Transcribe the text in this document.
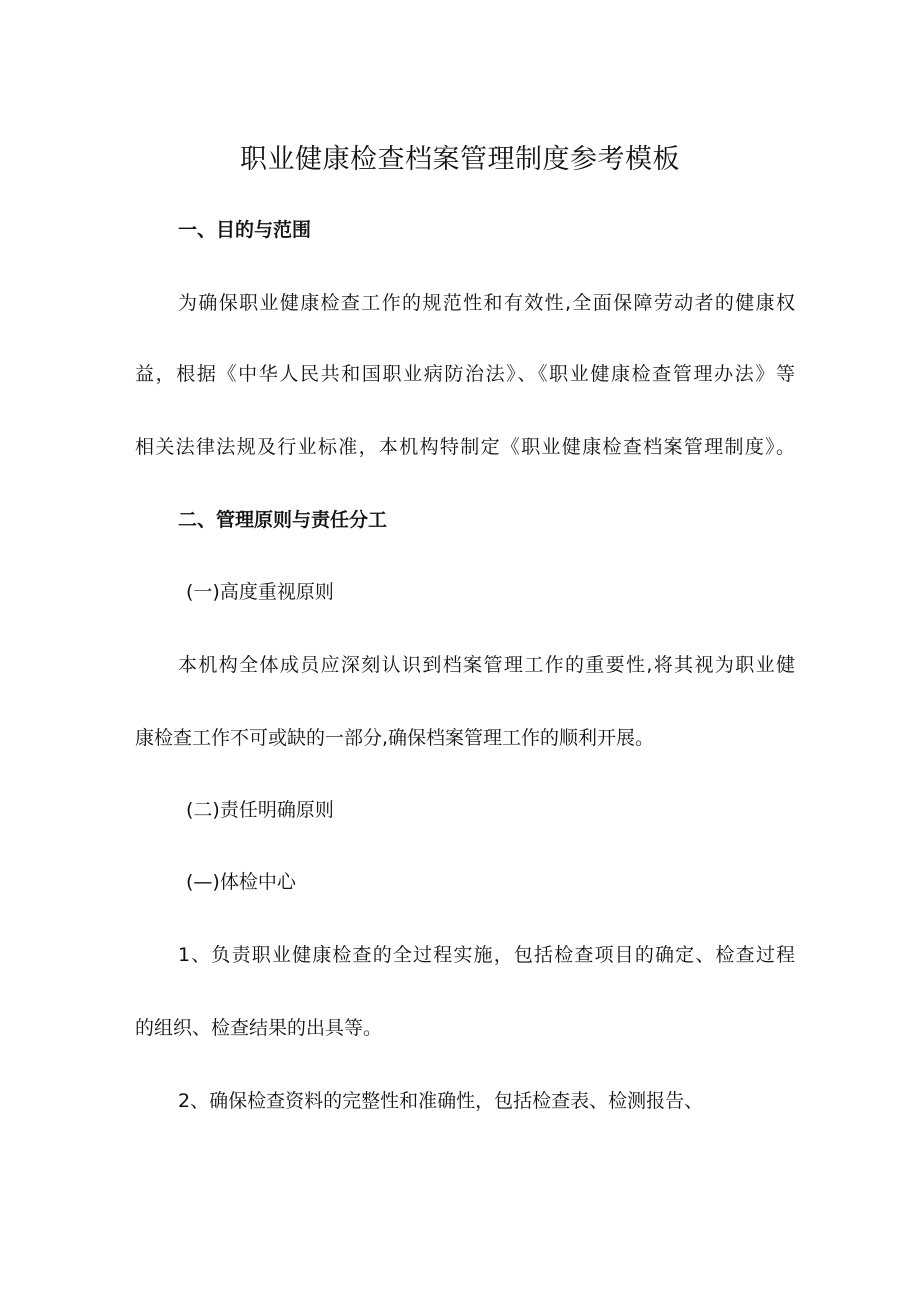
职业健康检查档案管理制度参考模板
一、目的与范围
为确保职业健康检查工作的规范性和有效性,全面保障劳动者的健康权
益，根据《中华人民共和国职业病防治法》、《职业健康检查管理办法》等
相关法律法规及行业标准，本机构特制定《职业健康检查档案管理制度》。
二、管理原则与责任分工
(一)高度重视原则
本机构全体成员应深刻认识到档案管理工作的重要性,将其视为职业健
康检查工作不可或缺的一部分,确保档案管理工作的顺利开展。
(二)责任明确原则
(—)体检中心
1、负责职业健康检查的全过程实施，包括检查项目的确定、检查过程
的组织、检查结果的出具等。
2、确保检查资料的完整性和准确性，包括检查表、检测报告、
